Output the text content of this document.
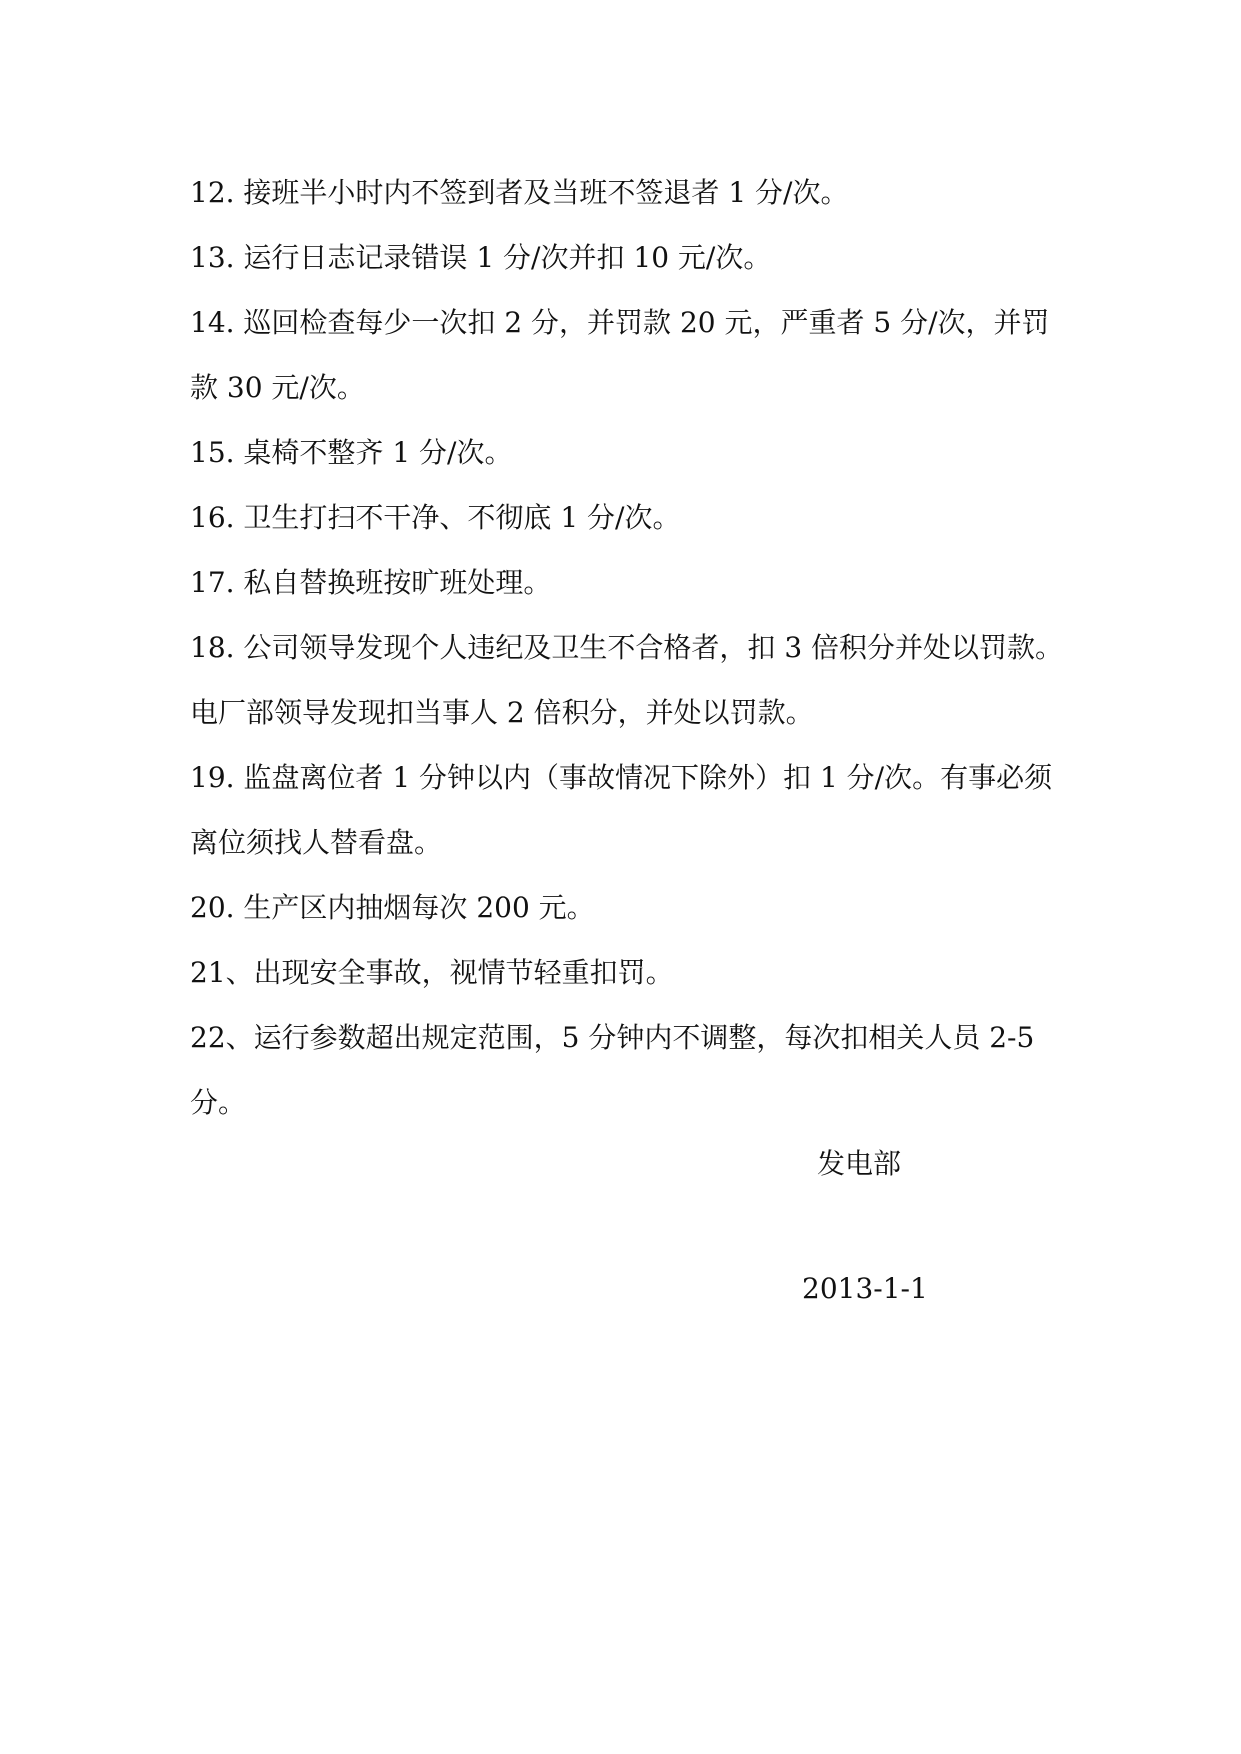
12. 接班半小时内不签到者及当班不签退者 1 分/次。

13. 运行日志记录错误 1 分/次并扣 10 元/次。

14. 巡回检查每少一次扣 2 分，并罚款 20 元，严重者 5 分/次，并罚

款 30 元/次。

15. 桌椅不整齐 1 分/次。

16. 卫生打扫不干净、不彻底 1 分/次。

17. 私自替换班按旷班处理。

18. 公司领导发现个人违纪及卫生不合格者，扣 3 倍积分并处以罚款。

电厂部领导发现扣当事人 2 倍积分，并处以罚款。

19. 监盘离位者 1 分钟以内（事故情况下除外）扣 1 分/次。有事必须

离位须找人替看盘。

20. 生产区内抽烟每次 200 元。

21、出现安全事故，视情节轻重扣罚。

22、运行参数超出规定范围，5 分钟内不调整，每次扣相关人员 2-5

分。

发电部
2013-1-1
